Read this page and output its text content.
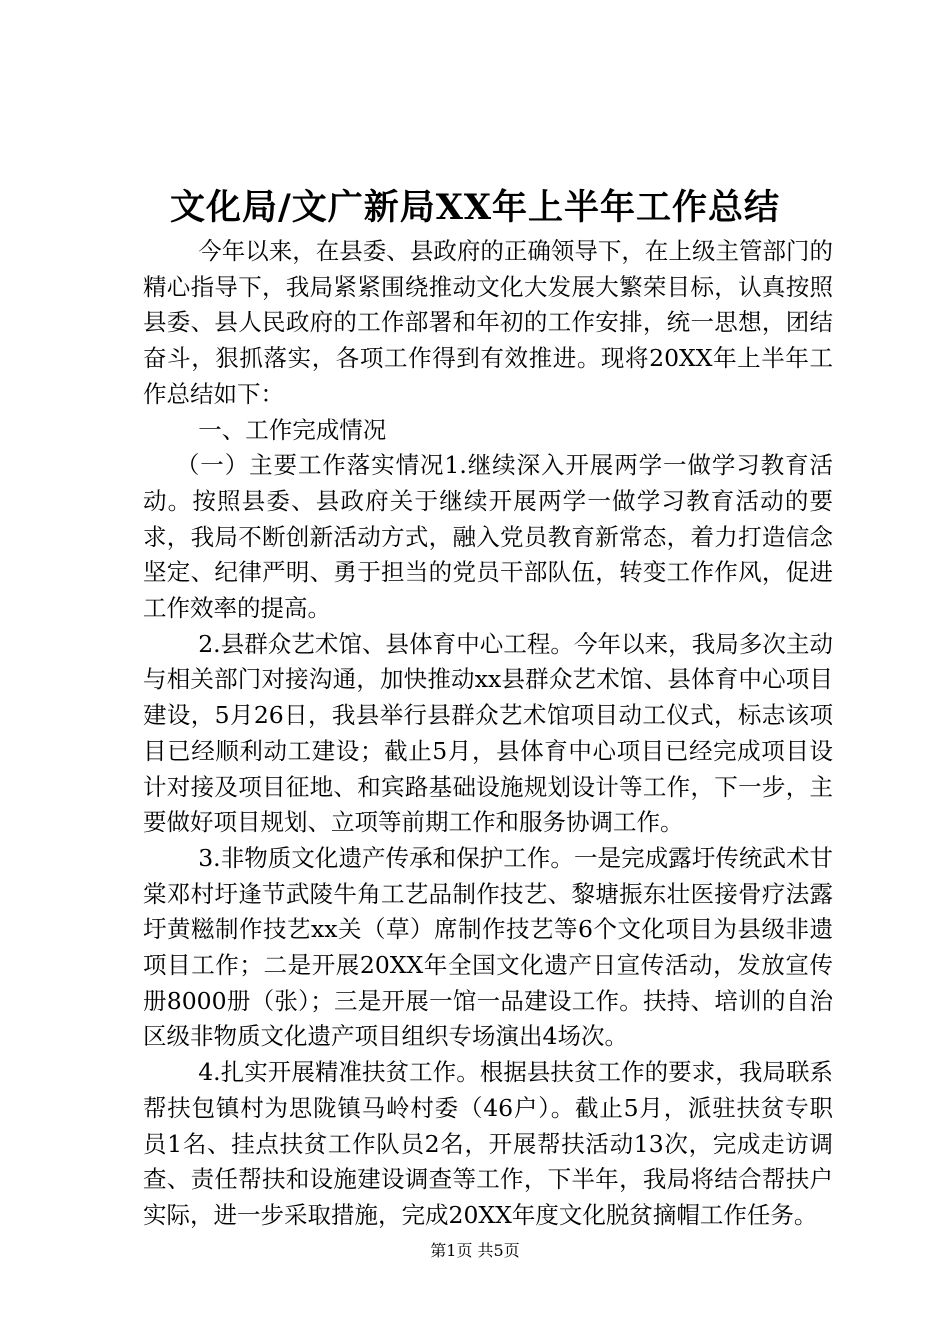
文化局/文广新局XX年上半年工作总结

今年以来，在县委、县政府的正确领导下，在上级主管部门的精心指导下，我局紧紧围绕推动文化大发展大繁荣目标，认真按照县委、县人民政府的工作部署和年初的工作安排，统一思想，团结奋斗，狠抓落实，各项工作得到有效推进。现将20XX年上半年工作总结如下：

一、工作完成情况

（一）主要工作落实情况1.继续深入开展两学一做学习教育活动。按照县委、县政府关于继续开展两学一做学习教育活动的要求，我局不断创新活动方式，融入党员教育新常态，着力打造信念坚定、纪律严明、勇于担当的党员干部队伍，转变工作作风，促进工作效率的提高。

2.县群众艺术馆、县体育中心工程。今年以来，我局多次主动与相关部门对接沟通，加快推动xx县群众艺术馆、县体育中心项目建设，5月26日，我县举行县群众艺术馆项目动工仪式，标志该项目已经顺利动工建设；截止5月，县体育中心项目已经完成项目设计对接及项目征地、和宾路基础设施规划设计等工作，下一步，主要做好项目规划、立项等前期工作和服务协调工作。

3.非物质文化遗产传承和保护工作。一是完成露圩传统武术甘棠邓村圩逢节武陵牛角工艺品制作技艺、黎塘振东壮医接骨疗法露圩黄糍制作技艺xx关（草）席制作技艺等6个文化项目为县级非遗项目工作；二是开展20XX年全国文化遗产日宣传活动，发放宣传册8000册（张）；三是开展一馆一品建设工作。扶持、培训的自治区级非物质文化遗产项目组织专场演出4场次。

4.扎实开展精准扶贫工作。根据县扶贫工作的要求，我局联系帮扶包镇村为思陇镇马岭村委（46户）。截止5月，派驻扶贫专职员1名、挂点扶贫工作队员2名，开展帮扶活动13次，完成走访调查、责任帮扶和设施建设调查等工作，下半年，我局将结合帮扶户实际，进一步采取措施，完成20XX年度文化脱贫摘帽工作任务。

第1页 共5页
